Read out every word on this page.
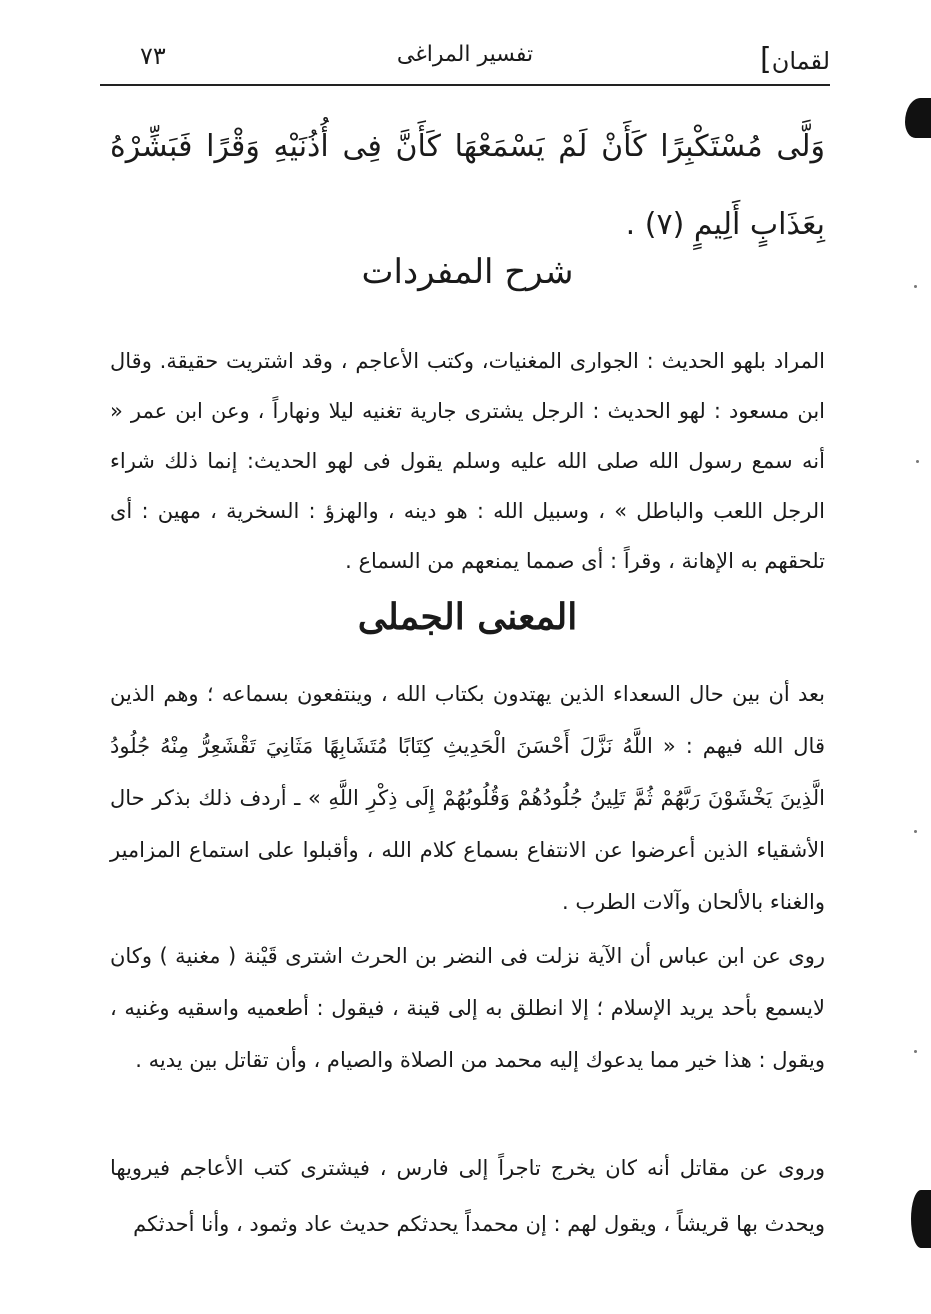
لقمان]
تفسير المراغى
٧٣
وَلَّى مُسْتَكْبِرًا كَأَنْ لَمْ يَسْمَعْهَا كَأَنَّ فِى أُذُنَيْهِ وَقْرًا فَبَشِّرْهُ بِعَذَابٍ أَلِيمٍ (٧) .
شرح المفردات
المراد بلهو الحديث : الجوارى المغنيات، وكتب الأعاجم ، وقد اشتريت حقيقة. وقال ابن مسعود : لهو الحديث : الرجل يشترى جارية تغنيه ليلا ونهاراً ، وعن ابن عمر « أنه سمع رسول الله صلى الله عليه وسلم يقول فى لهو الحديث: إنما ذلك شراء الرجل اللعب والباطل » ، وسبيل الله : هو دينه ، والهزؤ : السخرية ، مهين : أى تلحقهم به الإهانة ، وقراً : أى صمما يمنعهم من السماع .
المعنى الجملى
بعد أن بين حال السعداء الذين يهتدون بكتاب الله ، وينتفعون بسماعه ؛ وهم الذين قال الله فيهم : « اللَّهُ نَزَّلَ أَحْسَنَ الْحَدِيثِ كِتَابًا مُتَشَابِهًا مَثَانِيَ تَقْشَعِرُّ مِنْهُ جُلُودُ الَّذِينَ يَخْشَوْنَ رَبَّهُمْ ثُمَّ تَلِينُ جُلُودُهُمْ وَقُلُوبُهُمْ إِلَى ذِكْرِ اللَّهِ » ـ أردف ذلك بذكر حال الأشقياء الذين أعرضوا عن الانتفاع بسماع كلام الله ، وأقبلوا على استماع المزامير والغناء بالألحان وآلات الطرب .
روى عن ابن عباس أن الآية نزلت فى النضر بن الحرث اشترى قَيْنة ( مغنية ) وكان لايسمع بأحد يريد الإسلام ؛ إلا انطلق به إلى قينة ، فيقول : أطعميه واسقيه وغنيه ، ويقول : هذا خير مما يدعوك إليه محمد من الصلاة والصيام ، وأن تقاتل بين يديه .
وروى عن مقاتل أنه كان يخرج تاجراً إلى فارس ، فيشترى كتب الأعاجم فيرويها ويحدث بها قريشاً ، ويقول لهم : إن محمداً يحدثكم حديث عاد وثمود ، وأنا أحدثكم
